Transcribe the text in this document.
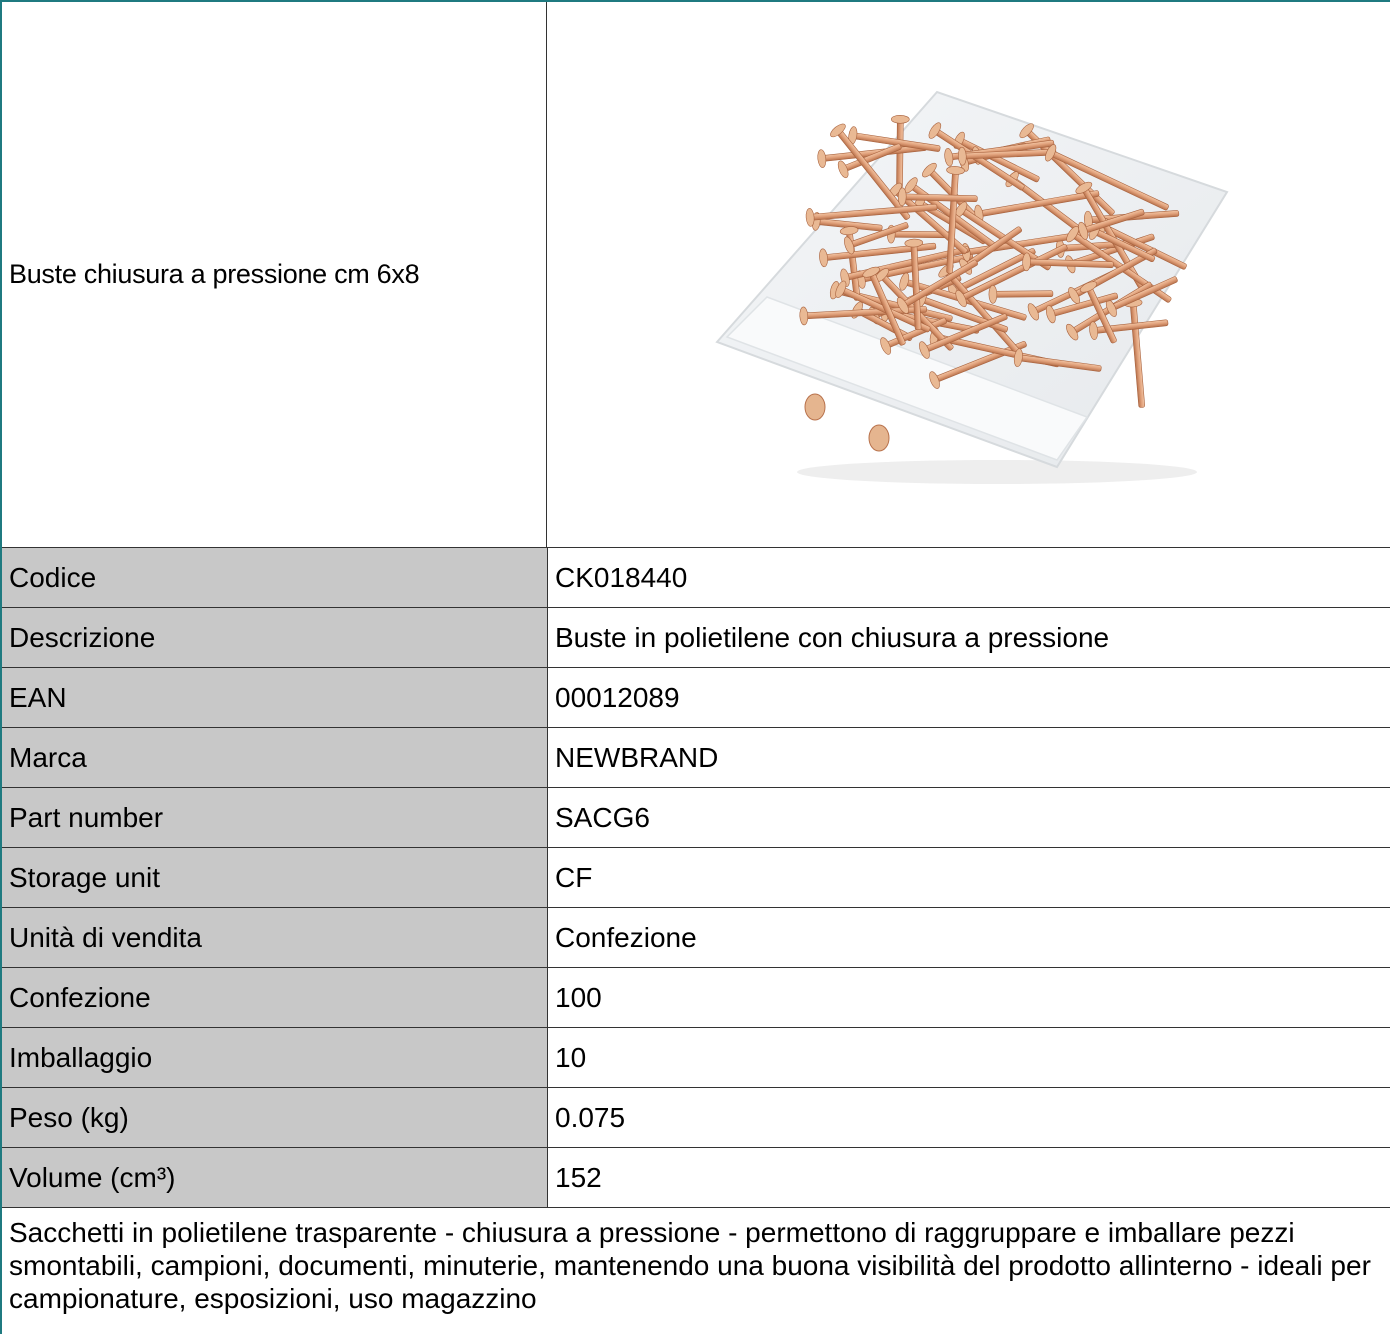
Buste chiusura a pressione cm 6x8
Codice	CK018440
Descrizione	Buste in polietilene con chiusura a pressione
EAN	00012089
Marca	NEWBRAND
Part number	SACG6
Storage unit	CF
Unità di vendita	Confezione
Confezione	100
Imballaggio	10
Peso (kg)	0.075
Volume (cm³)	152
Sacchetti in polietilene trasparente - chiusura a pressione - permettono di raggruppare e imballare pezzi smontabili, campioni, documenti, minuterie, mantenendo una buona visibilità del prodotto allinterno - ideali per campionature, esposizioni, uso magazzino
